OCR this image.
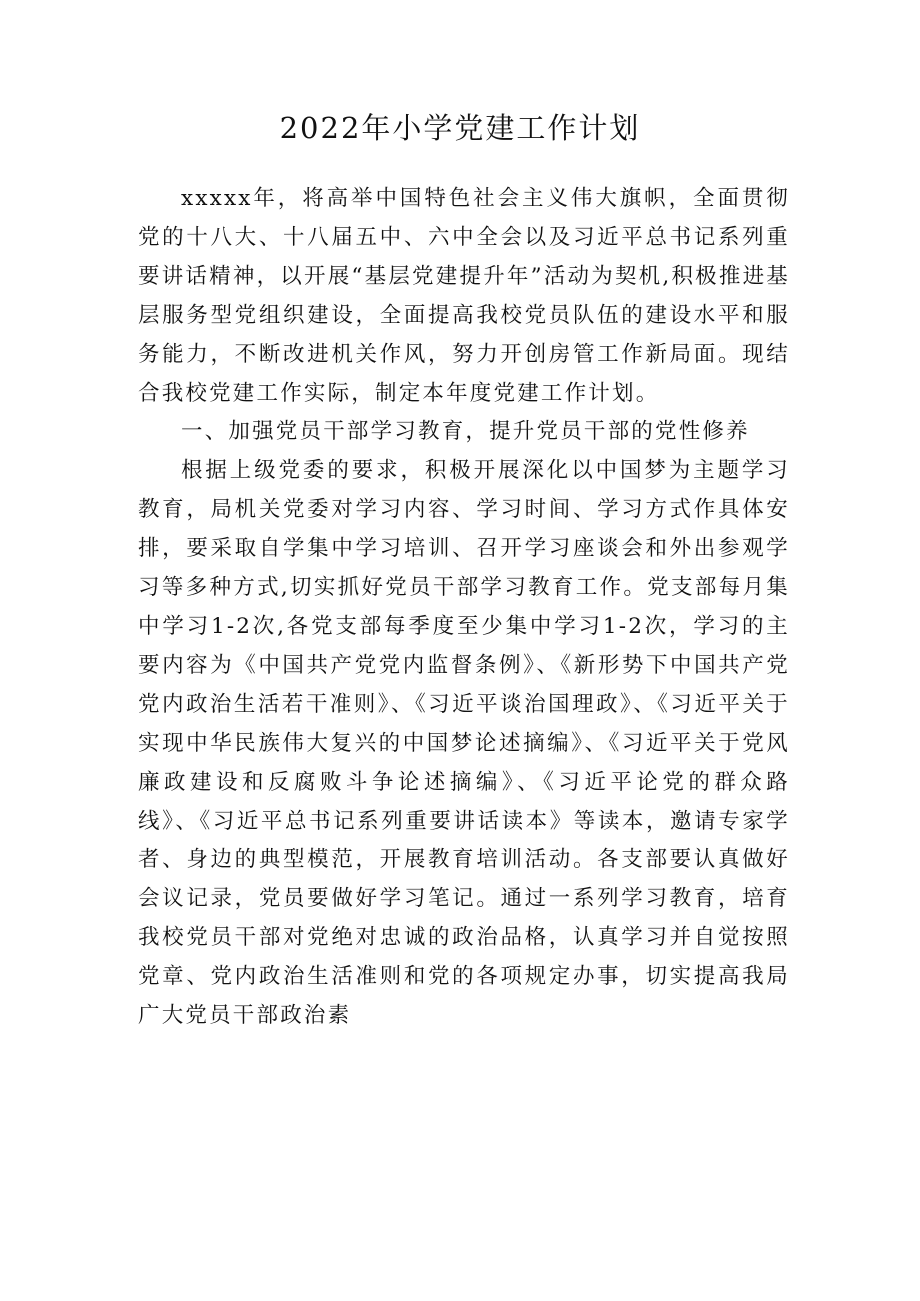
2022年小学党建工作计划

xxxxx年，将高举中国特色社会主义伟大旗帜，全面贯彻党的十八大、十八届五中、六中全会以及习近平总书记系列重要讲话精神，以开展“基层党建提升年”活动为契机,积极推进基层服务型党组织建设，全面提高我校党员队伍的建设水平和服务能力，不断改进机关作风，努力开创房管工作新局面。现结合我校党建工作实际，制定本年度党建工作计划。

一、加强党员干部学习教育，提升党员干部的党性修养

根据上级党委的要求，积极开展深化以中国梦为主题学习教育，局机关党委对学习内容、学习时间、学习方式作具体安排，要采取自学集中学习培训、召开学习座谈会和外出参观学习等多种方式,切实抓好党员干部学习教育工作。党支部每月集中学习1-2次,各党支部每季度至少集中学习1-2次，学习的主要内容为《中国共产党党内监督条例》、《新形势下中国共产党党内政治生活若干准则》、《习近平谈治国理政》、《习近平关于实现中华民族伟大复兴的中国梦论述摘编》、《习近平关于党风廉政建设和反腐败斗争论述摘编》、《习近平论党的群众路线》、《习近平总书记系列重要讲话读本》等读本，邀请专家学者、身边的典型模范，开展教育培训活动。各支部要认真做好会议记录，党员要做好学习笔记。通过一系列学习教育，培育我校党员干部对党绝对忠诚的政治品格，认真学习并自觉按照党章、党内政治生活准则和党的各项规定办事，切实提高我局广大党员干部政治素
